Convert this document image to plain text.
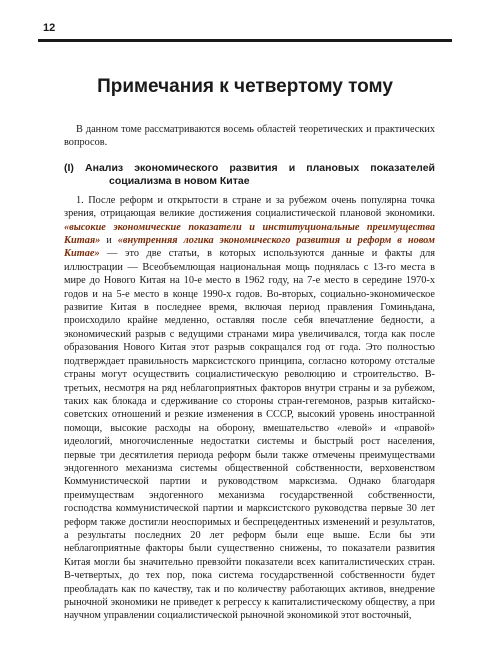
12
Примечания к четвертому тому

В данном томе рассматриваются восемь областей теоретических и практических вопросов.

(I) Анализ экономического развития и плановых показателей социализма в новом Китае

1. После реформ и открытости в стране и за рубежом очень популярна точка зрения, отрицающая великие достижения социалистической плановой экономики. «высокие экономические показатели и институциональные преимущества Китая» и «внутренняя логика экономического развития и реформ в новом Китае» — это две статьи, в которых используются данные и факты для иллюстрации — Всеобъемлющая национальная мощь поднялась с 13-го места в мире до Нового Китая на 10-е место в 1962 году, на 7-е место в середине 1970-х годов и на 5-е место в конце 1990-х годов. Во-вторых, социально-экономическое развитие Китая в последнее время, включая период правления Гоминьдана, происходило крайне медленно, оставляя после себя впечатление бедности, а экономический разрыв с ведущими странами мира увеличивался, тогда как после образования Нового Китая этот разрыв сокращался год от года. Это полностью подтверждает правильность марксистского принципа, согласно которому отсталые страны могут осуществить социалистическую революцию и строительство. В-третьих, несмотря на ряд неблагоприятных факторов внутри страны и за рубежом, таких как блокада и сдерживание со стороны стран-гегемонов, разрыв китайско-советских отношений и резкие изменения в СССР, высокий уровень иностранной помощи, высокие расходы на оборону, вмешательство «левой» и «правой» идеологий, многочисленные недостатки системы и быстрый рост населения, первые три десятилетия периода реформ были также отмечены преимуществами эндогенного механизма системы общественной собственности, верховенством Коммунистической партии и руководством марксизма. Однако благодаря преимуществам эндогенного механизма государственной собственности, господства коммунистической партии и марксистского руководства первые 30 лет реформ также достигли неоспоримых и беспрецедентных изменений и результатов, а результаты последних 20 лет реформ были еще выше. Если бы эти неблагоприятные факторы были существенно снижены, то показатели развития Китая могли бы значительно превзойти показатели всех капиталистических стран. В-четвертых, до тех пор, пока система государственной собственности будет преобладать как по качеству, так и по количеству работающих активов, внедрение рыночной экономики не приведет к регрессу к капиталистическому обществу, а при научном управлении социалистической рыночной экономикой этот восточный,
